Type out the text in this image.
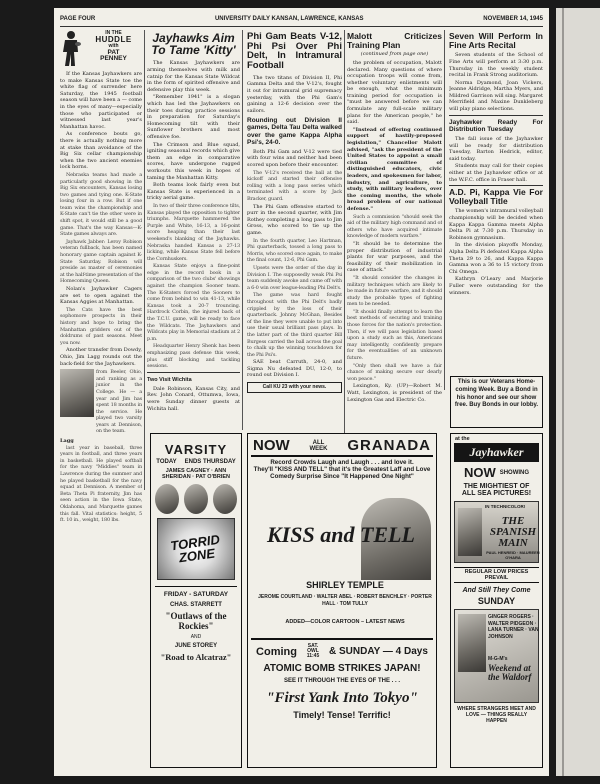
PAGE FOUR	UNIVERSITY DAILY KANSAN, LAWRENCE, KANSAS	NOVEMBER 14, 1945
IN THE
HUDDLE
with
PAT
PENNEY

If the Kansas Jayhawkers are to make Kansas State toe the white flag of surrender here Saturday, the 1945 football season will have been a — come in the eyes of many—especially those who participated or witnessed last year's Manhattan havoc.

As conference bouts go, there is actually nothing more at stake than avoidance of the Big Six cellar championship when the two ancient enemies lock horns.

Nebraska teams had made a particularly good showing in the Big Six encounters, Kansas losing two games and tying one. K-State losing four in a row. But if one team wins the championship and K-State can't tie the other were in shift spot, it would still be a good game. That's the way Kansas—K-State games always are.

Jayhawk Jabber: Leroy Robison veteran fullback, has been named honorary game captain against K-State Saturday. Robison will preside as master of ceremonies at the half-time presentation of the Homecoming Queen.

Nolan's Jayhawker Cagers are set to open against the Kansas Aggies at Manhattan.

The Cats have the best sophomore prospects in their history and hope to bring the Manhattan gridders out of the doldrums of past seasons. Meet you now.

Another transfer from Dowdy, Ohio, Jim Lagg rounds out the back-field for the Jayhawkers.

from Beeler, Ohio, and ranking as a junior in the College. He — a year and Jim has spent 18 months in the service. He played two varsity years at Dennison, on the team.

Lagg

last year in baseball, three years in football, and three years in basketball. He played softball for the navy "Middies" team in Lawrence during the summer and he played basketball for the navy squad at Dennison. A member of Beta Theta Pi fraternity, Jim has seen action in the Iowa State, Oklahoma, and Marquette games this fall. Vital statistics: height, 5 ft. 10 in., weight, 180 lbs.

Jayhawks Aim To Tame 'Kitty'

The Kansas Jayhawkers are arming themselves with milk and catnip for the Kansas State Wildcat in the form of spirited offensive and defensive play this week.

"Remember 1941" is a slogan which has led the Jayhawkers on their toes during practice sessions in preparation for Saturday's Homecoming tilt with their Sunflower brothers and most offensive foe.

The Crimson and Blue squad, igniting seasonal records which give them an edge in comparative scores, have undergone rugged workouts this week in hopes of taming the Manhattan Kitty.

Both teams look fairly even but Kansas State is experienced in a tricky aerial game.

In two of their three conference tilts, Kansas played the opposition to tighter triumphs. Marquette hammered the Purple and White, 16-13, a 16-point score heaping than their last weekend's blanking of the Jayhawks. Nebraska handed Kansas a 27-13 licking, while Kansas State fell before the Cornhuskers.

Kansas State enjoys a fine-point edge in the record book in a comparison of the two clubs' showings against the champion Sooner team. The K-Staters forced the Sooners to come from behind to win 41-13, while Kansas took a 20-7 trouncing. Hardrock Corbin, the injured back of the T.C.U. game, will be ready to face the Wildcats. The Jayhawkers and Wildcats play in Memorial stadium at 2 p.m.

Headquarter Henry Shenk has been emphasizing pass defense this week, plus stiff blocking and tackling sessions.

Two Visit Wichita

Dale Robinson, Kansas City, and Rev. John Conard, Ottumwa, Iowa, were Sunday dinner guests at Wichita hall.

Phi Gam Beats V-12, Phi Psi Over Phi Delt, In Intramural Football

The two titans of Division II, Phi Gamma Delta and the V-12's, fought it out for intramural grid supremacy yesterday, with the Phi Gam's gaining a 12-6 decision over the sailors.

Rounding out Division II games, Delta Tau Delta walked over the game Kappa Alpha Psi's, 24-0.

Both Phi Gam and V-12 were tied with four wins and neither had been scored upon before their encounter.

The V-12's received the ball at the kickoff and started their offensive rolling with a long pass series which terminated with a score by Jack Bracker, guard.

The Phi Gam offensive started to purr in the second quarter, with Jim Rothey completing a long pass to Jim Gross, who scored to tie up the game.

In the fourth quarter, Leo Hartman, Phi quarterback, tossed a long pass to Morris, who scored once again, to make the final count, 12-6, Phi Gam.

Upsets were the order of the day in Division I. The supposedly weak Phi Psi team suddenly awoke and came off with a 6-0 win over league-leading Phi Delt's.

The game was hard fought throughout with the Phi Delt's badly crippled by the loss of their quarterback. Johnny McGhan, Besides of the line they were unable to put into use their usual brilliant pass plays. In the latter part of the third quarter Bill Burgess carried the ball across the goal to chalk up the winning touchdown for the Phi Psi's.

SAE beat Carruth, 24-0, and Sigma Nu defeated DU, 12-0, to round out Division I.

Call KU 23 with your news.
Malott Criticizes Training Plan
(continued from page one)

the problem of occupation, Malott declared. Many questions of where occupation troops will come from, whether voluntary enlistments will be enough, what the minimum training period for occupation is "must be answered before we can formulate any full-scale military plans for the American people," he said.

"Instead of offering continued support of hastily-proposed legislation," Chancellor Malott advised, "ask the president of the United States to appoint a small civilian committee of distinguished educators, civic leaders, and spokesmen for labor, industry, and agriculture, to study, with military leaders, over the coming months, the whole broad problem of our national defense."

Such a commission "should seek the aid of the military high command and of others who have acquired intimate knowledge of modern warfare."

"It should be to determine the proper distribution of industrial plants for war purposes, and the feasibility of their mobilization in case of attack."

"It should consider the changes in military techniques which are likely to be made in future warfare, and it should study the probable types of fighting men to be needed.

"It should finally attempt to learn the best methods of securing and training those forces for the nation's protection. Then, if we will pass legislation based upon a study such as this, Americans may intelligently, confidently prepare for the eventualities of an unknown future.

"Only then shall we have a fair chance of making secure our dearly won peace."

Lexington, Ky. (UP)—Robert M. Watt, Lexington, is president of the Lexington Gas and Electric Co.

Seven Will Perform In Fine Arts Recital

Seven students of the School of Fine Arts will perform at 3:30 p.m. Thursday in the weekly student recital in Frank Strong auditorium.

Norma Dyamond, Joan Vickers, Jeanne Aldridge, Martha Myers, and Mildred Garrison will sing. Margaret Merrifield and Maxine Dunkleberg will play piano selections.

Jayhawker Ready For Distribution Tuesday

The fall issue of the Jayhawker will be ready for distribution Tuesday, Barton Hedrick, editor, said today.

Students may call for their copies either at the Jayhawker office or at the W.F.C. office in Fraser hall.

A.D. Pi, Kappa Vie For Volleyball Title

The women's intramural volleyball championship will be decided when Kappa Kappa Gamma meets Alpha Delta Pi at 7:30 p.m. Thursday in Robinson gymnasium.

In the division playoffs Monday, Alpha Delta Pi defeated Kappa Alpha Theta 29 to 26, and Kappa Kappa Gamma won a 36 to 15 victory from Chi Omega.

Kathryn O'Leary and Marjorie Fuller were outstanding for the winners.

VARSITY
TODAY ENDS THURSDAY
JAMES CAGNEY · ANN SHERIDAN · PAT O'BRIEN
TORRID ZONE
FRIDAY - SATURDAY
CHAS. STARRETT
"Outlaws of the Rockies"
AND
JUNE STOREY
"Road to Alcatraz"
NOW	ALL WEEK GRANADA
Record Crowds Laugh and Laugh . . . and love it.
They'll "KISS AND TELL" that it's the Greatest Laff and Love
Comedy Surprise Since "It Happened One Night"
KISS and TELL
SHIRLEY TEMPLE
JEROME COURTLAND · WALTER ABEL · ROBERT BENCHLEY · PORTER HALL · TOM TULLY
ADDED—COLOR CARTOON – LATEST NEWS
Coming	SAT. OWL 11:45 & SUNDAY — 4 Days
ATOMIC BOMB STRIKES JAPAN!
SEE IT THROUGH THE EYES OF THE . . .
"First Yank Into Tokyo"
Timely! Tense! Terrific!
This is our Veterans Home-coming Week. Buy a Bond in his honor and see our show free. Buy Bonds in our lobby.
at the
Jayhawker
NOW SHOWING
THE MIGHTIEST OF
ALL SEA PICTURES!
IN TECHNICOLOR!
THE SPANISH MAIN
PAUL HENREID · MAUREEN O'HARA
REGULAR LOW PRICES PREVAIL
And Still They Come
SUNDAY
GINGER ROGERS · WALTER PIDGEON · LANA TURNER · VAN JOHNSON
M-G-M's
Weekend at the Waldorf
WHERE STRANGERS MEET AND LOVE — THINGS REALLY HAPPEN
